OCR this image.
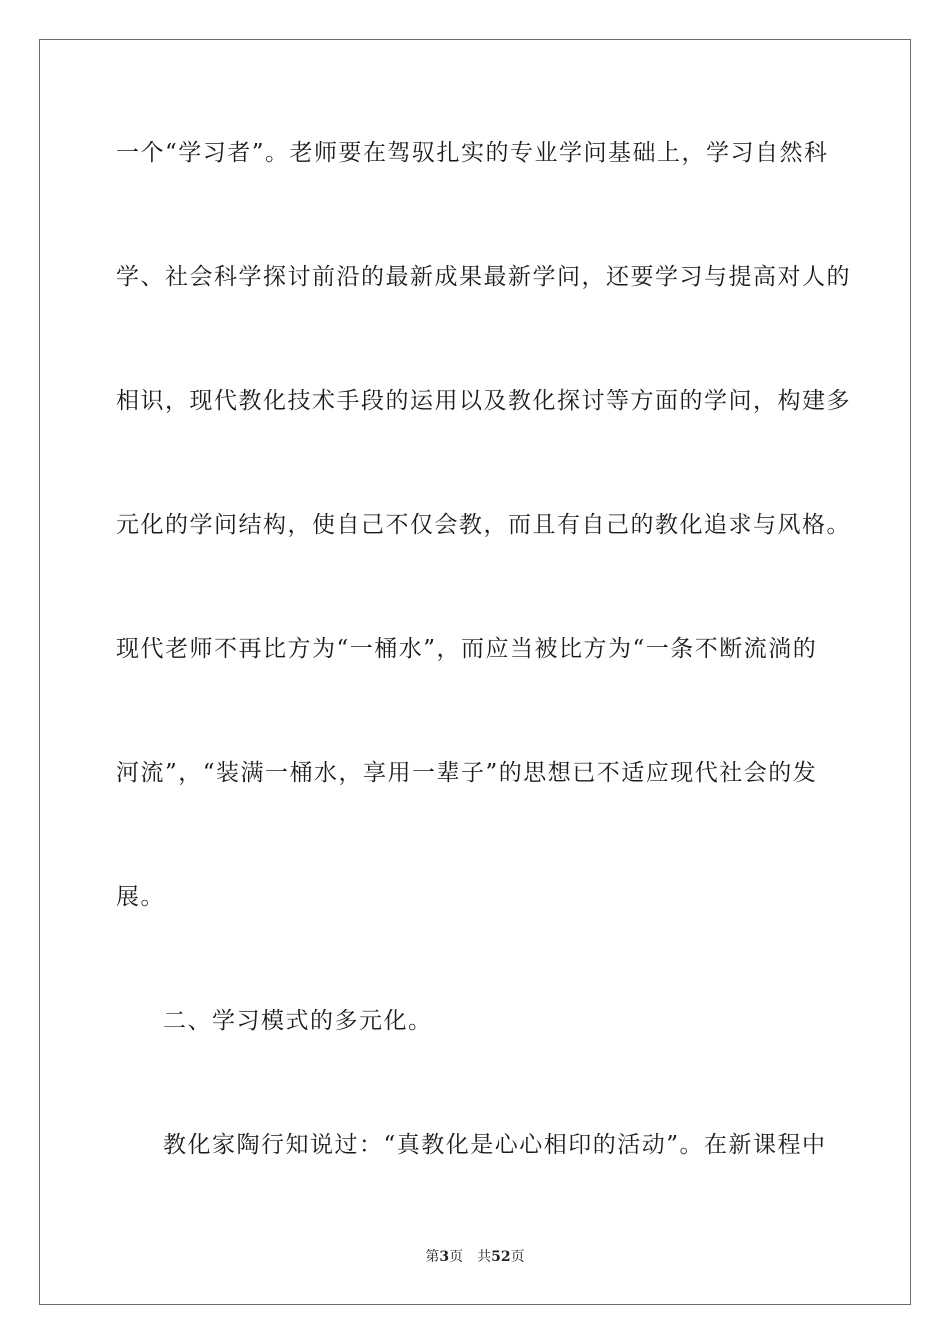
一个“学习者”。老师要在驾驭扎实的专业学问基础上，学习自然科
学、社会科学探讨前沿的最新成果最新学问，还要学习与提高对人的
相识，现代教化技术手段的运用以及教化探讨等方面的学问，构建多
元化的学问结构，使自己不仅会教，而且有自己的教化追求与风格。
现代老师不再比方为“一桶水”，而应当被比方为“一条不断流淌的
河流”，“装满一桶水，享用一辈子”的思想已不适应现代社会的发
展。
二、学习模式的多元化。
教化家陶行知说过：“真教化是心心相印的活动”。在新课程中
第3页 共52页
